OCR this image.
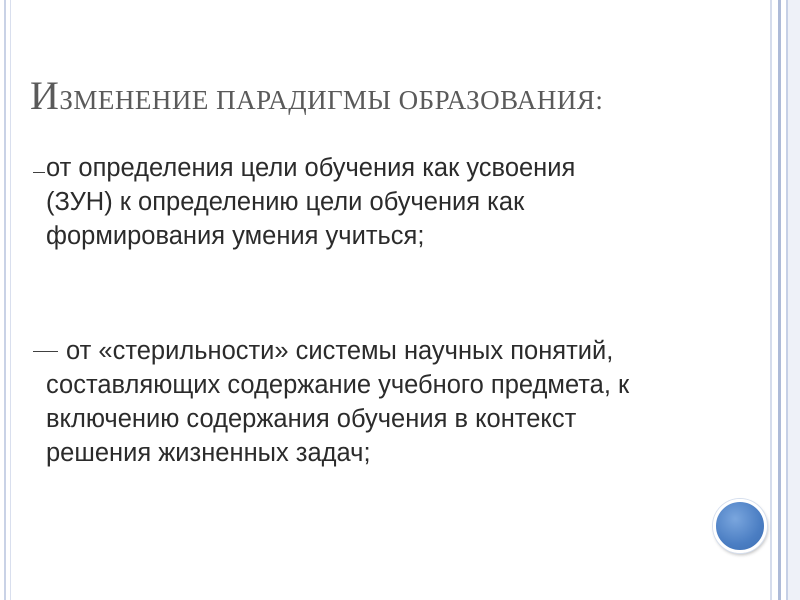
ИЗМЕНЕНИЕ ПАРАДИГМЫ ОБРАЗОВАНИЯ:
от определения цели обучения как усвоения
(ЗУН) к определению цели обучения как
формирования умения учиться;
от «стерильности» системы научных понятий,
составляющих содержание учебного предмета, к
включению содержания обучения в контекст
решения жизненных задач;
